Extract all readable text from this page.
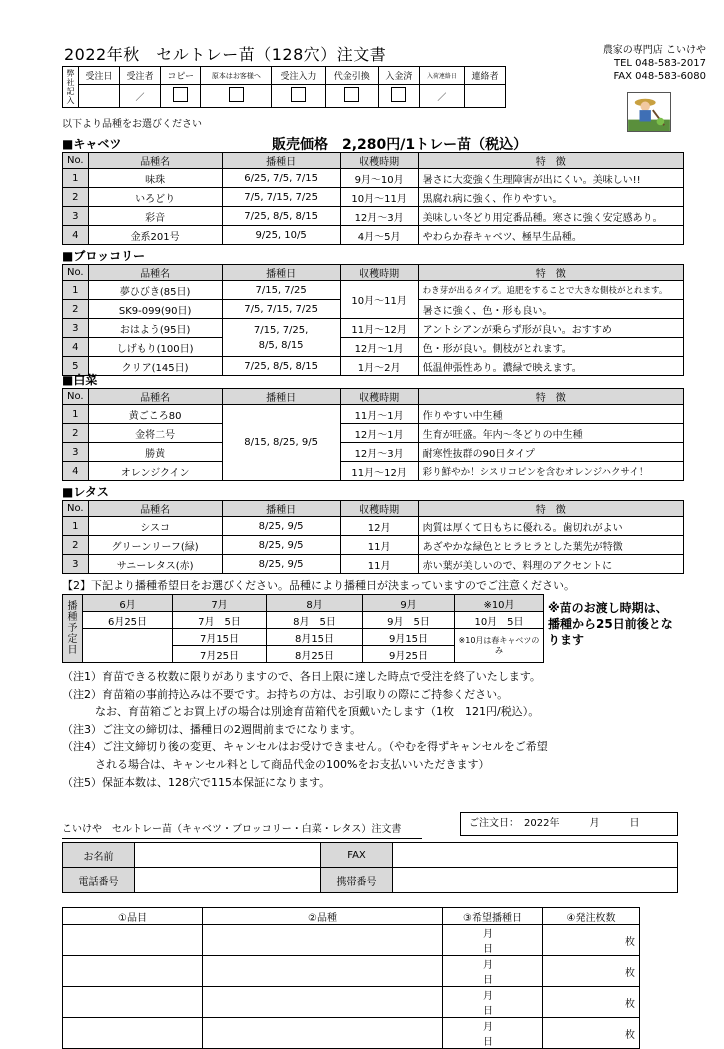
2022年秋　セルトレー苗（128穴）注文書	農家の専門店 こいけや
TEL 048-583-2017
FAX 048-583-6080
弊社記入	受注日	受注者	コピー	原本はお客様へ	受注入力	代金引換	入金済	入荷連絡日	連絡者
		／						／	
以下より品種をお選びください
■キャベツ	販売価格　2,280円/1トレー苗（税込）
No.	品種名	播種日	収穫時期	特　徴
1	味珠	6/25, 7/5, 7/15	9月～10月	暑さに大変強く生理障害が出にくい。美味しい!!
2	いろどり	7/5, 7/15, 7/25	10月～11月	黒腐れ病に強く、作りやすい。
3	彩音	7/25, 8/5, 8/15	12月～3月	美味しい冬どり用定番品種。寒さに強く安定感あり。
4	金系201号	9/25, 10/5	4月～5月	やわらか春キャベツ、極早生品種。
■ブロッコリー
No.	品種名	播種日	収穫時期	特　徴
1	夢ひびき(85日)	7/15, 7/25	10月～11月	わき芽が出るタイプ。追肥をすることで大きな側枝がとれます。
2	SK9-099(90日)	7/5, 7/15, 7/25		暑さに強く、色・形も良い。
3	おはよう(95日)	7/15, 7/25,
8/5, 8/15	11月～12月	アントシアンが乗らず形が良い。おすすめ
4	しげもり(100日)		12月～1月	色・形が良い。側枝がとれます。
5	クリア(145日)	7/25, 8/5, 8/15	1月～2月	低温伸張性あり。濃緑で映えます。
■白菜
No.	品種名	播種日	収穫時期	特　徴
1	黄ごころ80	8/15, 8/25, 9/5	11月～1月	作りやすい中生種
2	金将二号		12月～1月	生育が旺盛。年内～冬どりの中生種
3	勝黄		12月～3月	耐寒性抜群の90日タイプ
4	オレンジクイン		11月～12月	彩り鮮やか！シスリコピンを含むオレンジハクサイ！
■レタス
No.	品種名	播種日	収穫時期	特　徴
1	シスコ	8/25, 9/5	12月	肉質は厚くて日もちに優れる。歯切れがよい
2	グリーンリーフ(緑)	8/25, 9/5	11月	あざやかな緑色とヒラヒラとした葉先が特徴
3	サニーレタス(赤)	8/25, 9/5	11月	赤い葉が美しいので、料理のアクセントに
【2】下記より播種希望日をお選びください。品種により播種日が決まっていますのでご注意ください。
播種予定日	6月	7月	8月	9月	※10月
	6月25日	7月　5日	8月　5日	9月　5日	10月　5日
		7月15日	8月15日	9月15日	※10月は春キャベツのみ
		7月25日	8月25日	9月25日	
※苗のお渡し時期は、播種から25日前後となります
（注1）育苗できる枚数に限りがありますので、各日上限に達した時点で受注を終了いたします。
（注2）育苗箱の事前持込みは不要です。お持ちの方は、お引取りの際にご持参ください。
　　　なお、育苗箱ごとお買上げの場合は別途育苗箱代を頂戴いたします（1枚　121円/税込）。
（注3）ご注文の締切は、播種日の2週間前までになります。
（注4）ご注文締切り後の変更、キャンセルはお受けできません。（やむを得ずキャンセルをご希望
　　　される場合は、キャンセル料として商品代金の100%をお支払いいただきます）
（注5）保証本数は、128穴で115本保証になります。
こいけや　セルトレー苗（キャベツ・ブロッコリー・白菜・レタス）注文書
ご注文日：　2022年　　　月　　　日
お名前		FAX	
電話番号		携帯番号	
①品目	②品種	③希望播種日	④発注枚数
		月日	枚
		月日	枚
		月日	枚
		月日	枚
